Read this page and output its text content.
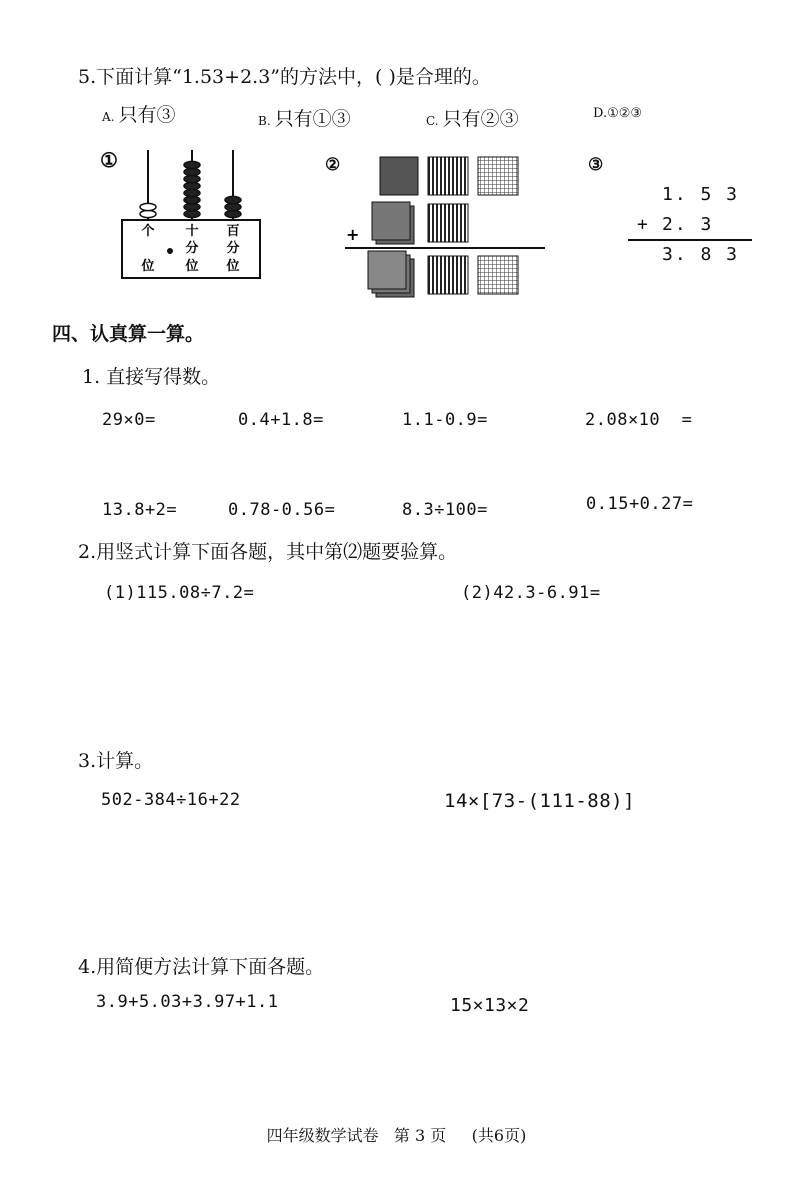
5.下面计算“1.53+2.3”的方法中，( )是合理的。
A. 只有③	B. 只有①③	C. 只有②③	D.①②③
①
个
位
十
分
位
百
分
位
②
+
③
1. 5 3
+ 2. 3
3. 8 3
四、认真算一算。
1. 直接写得数。
29×0=	0.4+1.8=	1.1-0.9=	2.08×10  =
13.8+2=	0.78-0.56=	8.3÷100=	0.15+0.27=
2.用竖式计算下面各题，其中第⑵题要验算。
(1)115.08÷7.2=	(2)42.3-6.91=
3.计算。
502-384÷16+22	14×[73-(111-88)]
4.用简便方法计算下面各题。
3.9+5.03+3.97+1.1	15×13×2
四年级数学试卷   第 3 页     (共6页)
